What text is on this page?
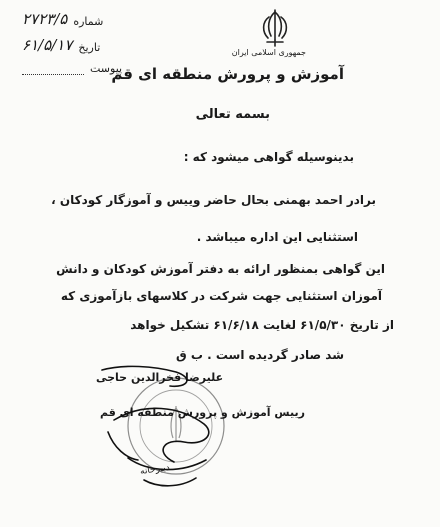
جمهوری اسلامی ایران
آموزش و پرورش منطقه ای قم
۲۷۲۳/۵ شماره
۶۱/۵/۱۷ تاریخ
پیوست
بسمه تعالی
بدینوسیله گواهی میشود که :
برادر احمد بهمنی بحال حاضر وییس و آموزگار کودکان ،
استثنایی این اداره میباشد .
این گواهی بمنظور ارائه به دفتر آموزش کودکان و دانش
آموزان استثنایی جهت شرکت در کلاسهای بازآموزی که
از تاریخ ۶۱/۵/۳۰ لغایت ۶۱/۶/۱۸ تشکیل خواهد
شد صادر گردیده است . ب ق
علیرضا فخرالدین حاجی
رییس آموزش و پرورش منطقه ای قم
دبیرخانه
